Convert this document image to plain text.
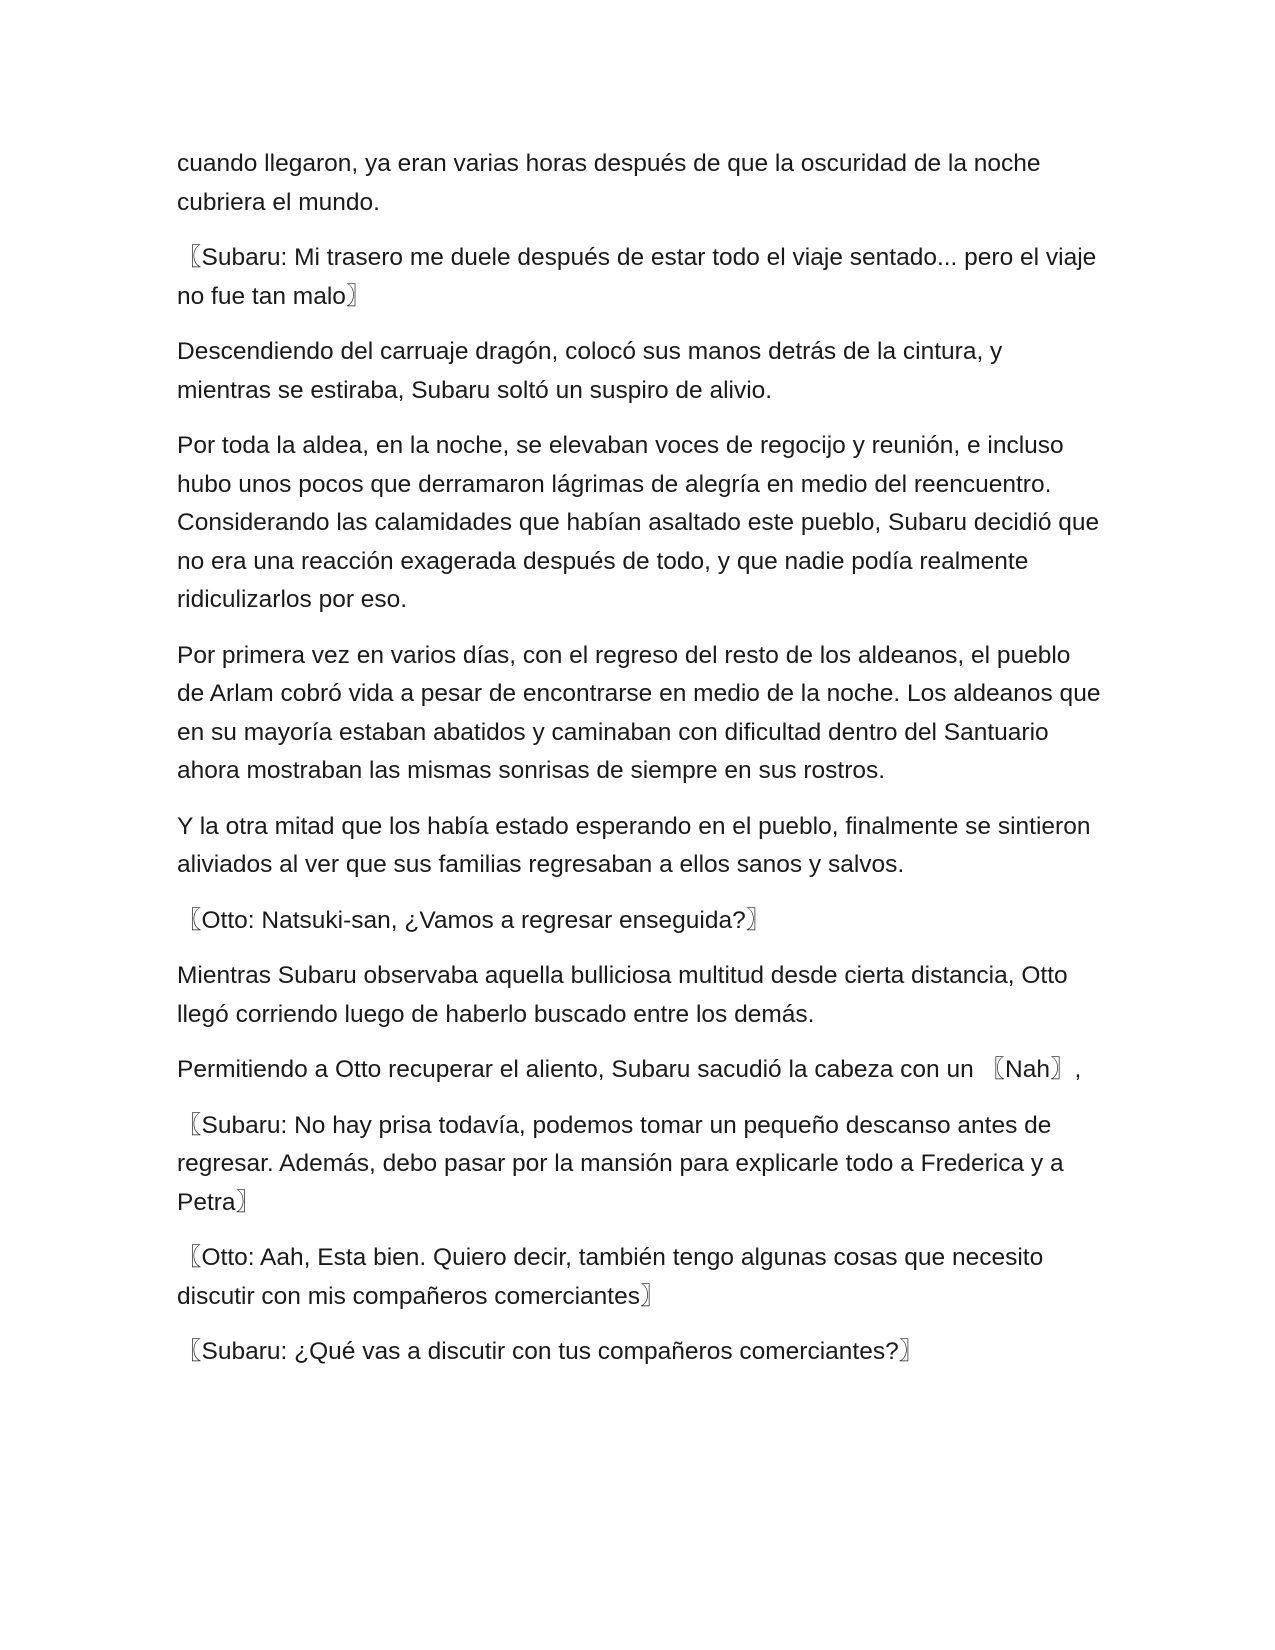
cuando llegaron, ya eran varias horas después de que la oscuridad de la noche cubriera el mundo.

〖Subaru: Mi trasero me duele después de estar todo el viaje sentado... pero el viaje no fue tan malo〗

Descendiendo del carruaje dragón, colocó sus manos detrás de la cintura, y mientras se estiraba, Subaru soltó un suspiro de alivio.

Por toda la aldea, en la noche, se elevaban voces de regocijo y reunión, e incluso hubo unos pocos que derramaron lágrimas de alegría en medio del reencuentro. Considerando las calamidades que habían asaltado este pueblo, Subaru decidió que no era una reacción exagerada después de todo, y que nadie podía realmente ridiculizarlos por eso.

Por primera vez en varios días, con el regreso del resto de los aldeanos, el pueblo de Arlam cobró vida a pesar de encontrarse en medio de la noche. Los aldeanos que en su mayoría estaban abatidos y caminaban con dificultad dentro del Santuario ahora mostraban las mismas sonrisas de siempre en sus rostros.

Y la otra mitad que los había estado esperando en el pueblo, finalmente se sintieron aliviados al ver que sus familias regresaban a ellos sanos y salvos.

〖Otto: Natsuki-san, ¿Vamos a regresar enseguida?〗

Mientras Subaru observaba aquella bulliciosa multitud desde cierta distancia, Otto llegó corriendo luego de haberlo buscado entre los demás.

Permitiendo a Otto recuperar el aliento, Subaru sacudió la cabeza con un 〖Nah〗,

〖Subaru: No hay prisa todavía, podemos tomar un pequeño descanso antes de regresar. Además, debo pasar por la mansión para explicarle todo a Frederica y a Petra〗

〖Otto: Aah, Esta bien. Quiero decir, también tengo algunas cosas que necesito discutir con mis compañeros comerciantes〗

〖Subaru: ¿Qué vas a discutir con tus compañeros comerciantes?〗
